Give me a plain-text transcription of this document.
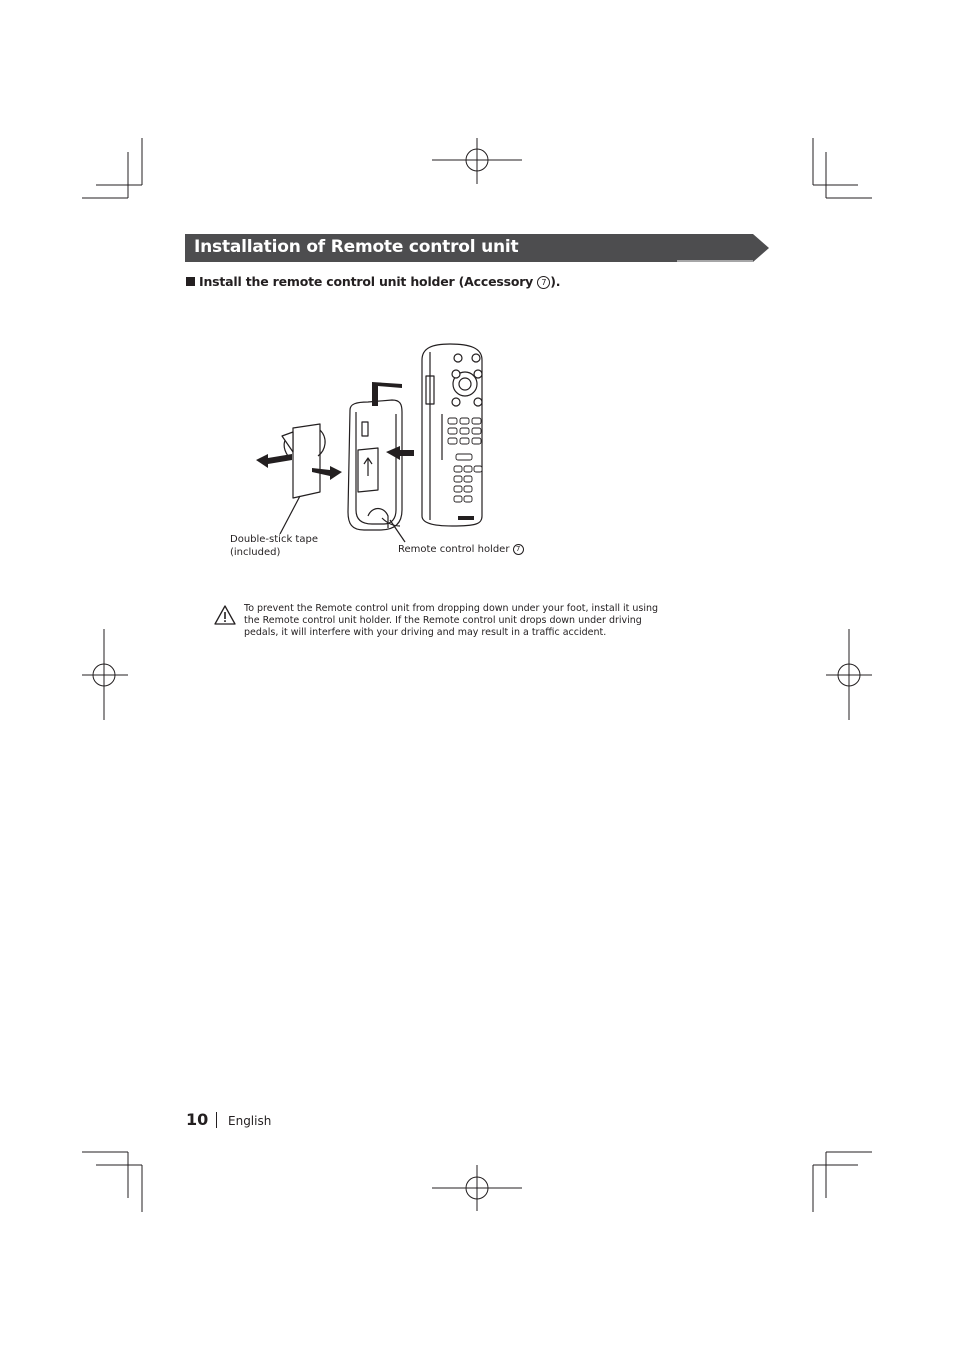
Installation of Remote control unit
Install the remote control unit holder (Accessory 7 ).
Double-stick tape
(included)	Remote control holder 7

To prevent the Remote control unit from dropping down under your foot, install it using the Remote control unit holder. If the Remote control unit drops down under driving pedals, it will interfere with your driving and may result in a traffic accident.

10 English
